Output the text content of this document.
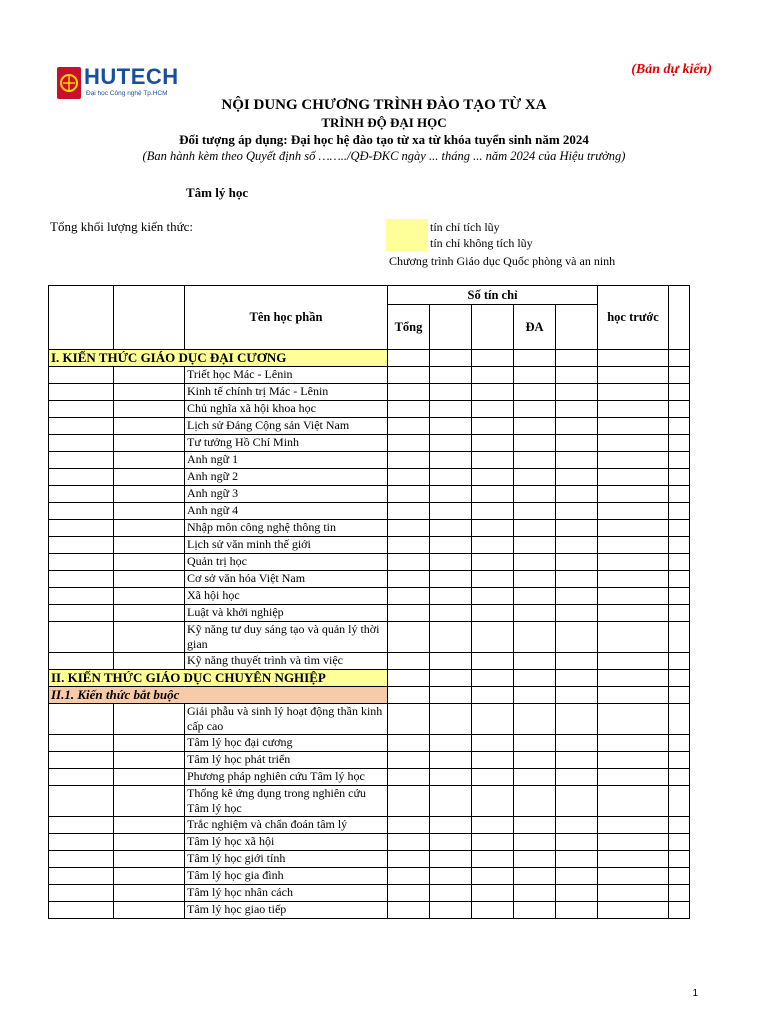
HUTECH
Đại học Công nghệ Tp.HCM
(Bản dự kiến)
NỘI DUNG CHƯƠNG TRÌNH ĐÀO TẠO TỪ XA
TRÌNH ĐỘ ĐẠI HỌC
Đối tượng áp dụng: Đại học hệ đào tạo từ xa từ khóa tuyển sinh năm 2024
(Ban hành kèm theo Quyết định số ……../QĐ-ĐKC ngày ... tháng ... năm 2024 của Hiệu trưởng)
Tâm lý học
Tổng khối lượng kiến thức:	tín chỉ tích lũy
tín chỉ không tích lũy
Chương trình Giáo dục Quốc phòng và an ninh
		Tên học phần	Số tín chỉ					học trước	
			Tổng			ĐA			
I. KIẾN THỨC GIÁO DỤC ĐẠI CƯƠNG									
		Triết học Mác - Lênin							
		Kinh tế chính trị Mác - Lênin							
		Chủ nghĩa xã hội khoa học							
		Lịch sử Đảng Cộng sản Việt Nam							
		Tư tưởng Hồ Chí Minh							
		Anh ngữ 1							
		Anh ngữ 2							
		Anh ngữ 3							
		Anh ngữ 4							
		Nhập môn công nghệ thông tin							
		Lịch sử văn minh thế giới							
		Quản trị học							
		Cơ sở văn hóa Việt Nam							
		Xã hội học							
		Luật và khởi nghiệp							
		Kỹ năng tư duy sáng tạo và quản lý thời gian							
		Kỹ năng thuyết trình và tìm việc							
II. KIẾN THỨC GIÁO DỤC CHUYÊN NGHIỆP									
II.1. Kiến thức bắt buộc									
		Giải phẫu và sinh lý hoạt động thần kinh cấp cao							
		Tâm lý học đại cương							
		Tâm lý học phát triển							
		Phương pháp nghiên cứu Tâm lý học							
		Thống kê ứng dụng trong nghiên cứu Tâm lý học							
		Trắc nghiệm và chẩn đoán tâm lý							
		Tâm lý học xã hội							
		Tâm lý học giới tính							
		Tâm lý học gia đình							
		Tâm lý học nhân cách							
		Tâm lý học giao tiếp							
1
